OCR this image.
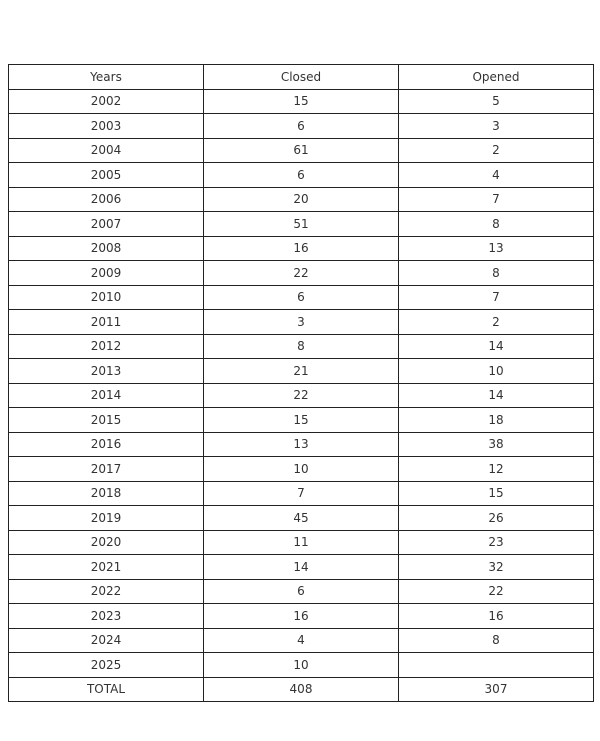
Years	Closed	Opened
2002	15	5
2003	6	3
2004	61	2
2005	6	4
2006	20	7
2007	51	8
2008	16	13
2009	22	8
2010	6	7
2011	3	2
2012	8	14
2013	21	10
2014	22	14
2015	15	18
2016	13	38
2017	10	12
2018	7	15
2019	45	26
2020	11	23
2021	14	32
2022	6	22
2023	16	16
2024	4	8
2025	10	
TOTAL	408	307
